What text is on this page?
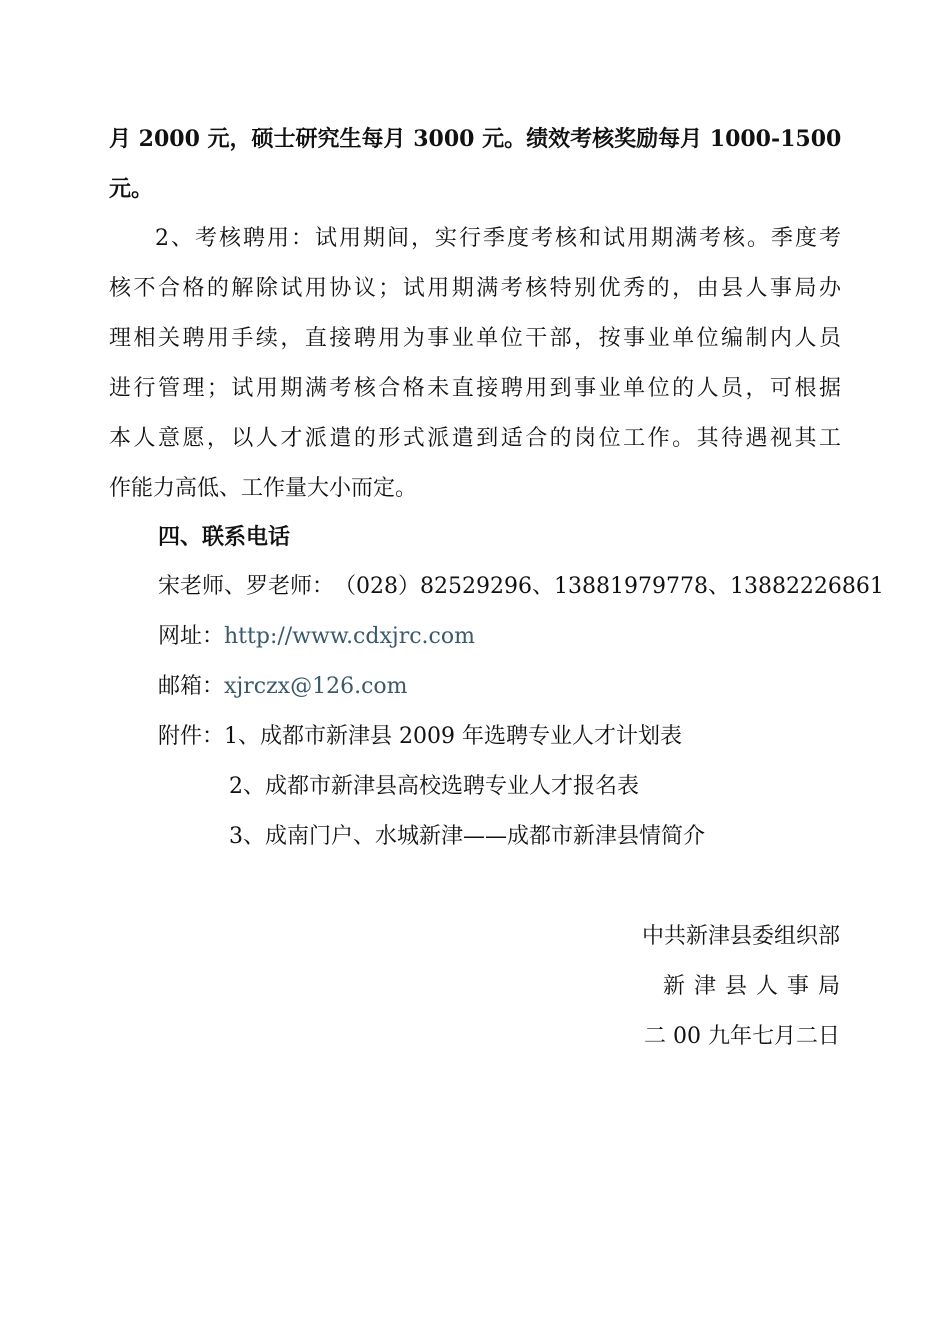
月 2000 元，硕士研究生每月 3000 元。绩效考核奖励每月 1000-1500
元。
2、考核聘用：试用期间，实行季度考核和试用期满考核。季度考
核不合格的解除试用协议；试用期满考核特别优秀的，由县人事局办
理相关聘用手续，直接聘用为事业单位干部，按事业单位编制内人员
进行管理；试用期满考核合格未直接聘用到事业单位的人员，可根据
本人意愿，以人才派遣的形式派遣到适合的岗位工作。其待遇视其工
作能力高低、工作量大小而定。
四、联系电话
宋老师、罗老师： （028）82529296、13881979778、13882226861
网址：http://www.cdxjrc.com
邮箱：xjrczx@126.com
附件：1、成都市新津县 2009 年选聘专业人才计划表
2、成都市新津县高校选聘专业人才报名表
3、成南门户、水城新津——成都市新津县情简介
中共新津县委组织部
新津县人事局
二 00 九年七月二日
